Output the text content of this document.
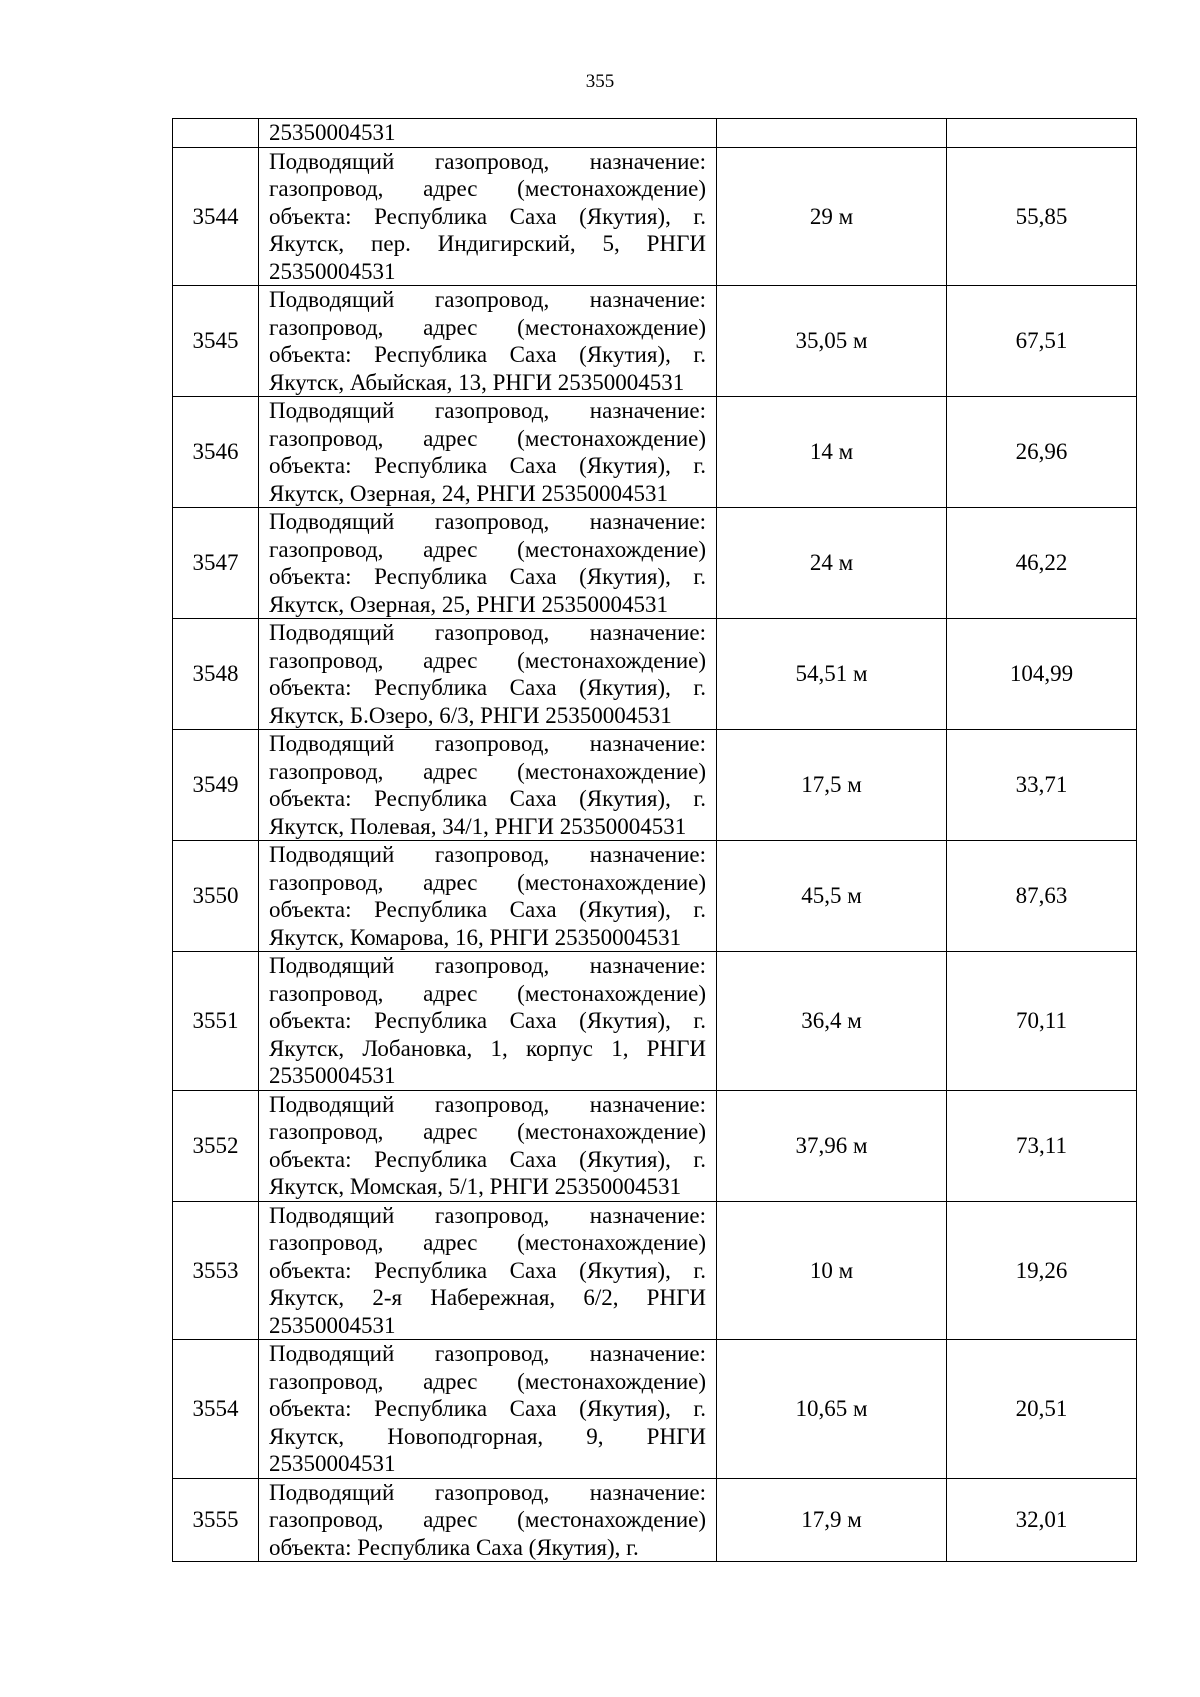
355
	25350004531		
3544	Подводящий газопровод, назначение: газопровод, адрес (местонахождение) объекта: Республика Саха (Якутия), г. Якутск, пер. Индигирский, 5, РНГИ 25350004531	29 м	55,85
3545	Подводящий газопровод, назначение: газопровод, адрес (местонахождение) объекта: Республика Саха (Якутия), г. Якутск, Абыйская, 13, РНГИ 25350004531	35,05 м	67,51
3546	Подводящий газопровод, назначение: газопровод, адрес (местонахождение) объекта: Республика Саха (Якутия), г. Якутск, Озерная, 24, РНГИ 25350004531	14 м	26,96
3547	Подводящий газопровод, назначение: газопровод, адрес (местонахождение) объекта: Республика Саха (Якутия), г. Якутск, Озерная, 25, РНГИ 25350004531	24 м	46,22
3548	Подводящий газопровод, назначение: газопровод, адрес (местонахождение) объекта: Республика Саха (Якутия), г. Якутск, Б.Озеро, 6/3, РНГИ 25350004531	54,51 м	104,99
3549	Подводящий газопровод, назначение: газопровод, адрес (местонахождение) объекта: Республика Саха (Якутия), г. Якутск, Полевая, 34/1, РНГИ 25350004531	17,5 м	33,71
3550	Подводящий газопровод, назначение: газопровод, адрес (местонахождение) объекта: Республика Саха (Якутия), г. Якутск, Комарова, 16, РНГИ 25350004531	45,5 м	87,63
3551	Подводящий газопровод, назначение: газопровод, адрес (местонахождение) объекта: Республика Саха (Якутия), г. Якутск, Лобановка, 1, корпус 1, РНГИ 25350004531	36,4 м	70,11
3552	Подводящий газопровод, назначение: газопровод, адрес (местонахождение) объекта: Республика Саха (Якутия), г. Якутск, Момская, 5/1, РНГИ 25350004531	37,96 м	73,11
3553	Подводящий газопровод, назначение: газопровод, адрес (местонахождение) объекта: Республика Саха (Якутия), г. Якутск, 2-я Набережная, 6/2, РНГИ 25350004531	10 м	19,26
3554	Подводящий газопровод, назначение: газопровод, адрес (местонахождение) объекта: Республика Саха (Якутия), г. Якутск, Новоподгорная, 9, РНГИ 25350004531	10,65 м	20,51
3555	Подводящий газопровод, назначение: газопровод, адрес (местонахождение) объекта: Республика Саха (Якутия), г.	17,9 м	32,01
